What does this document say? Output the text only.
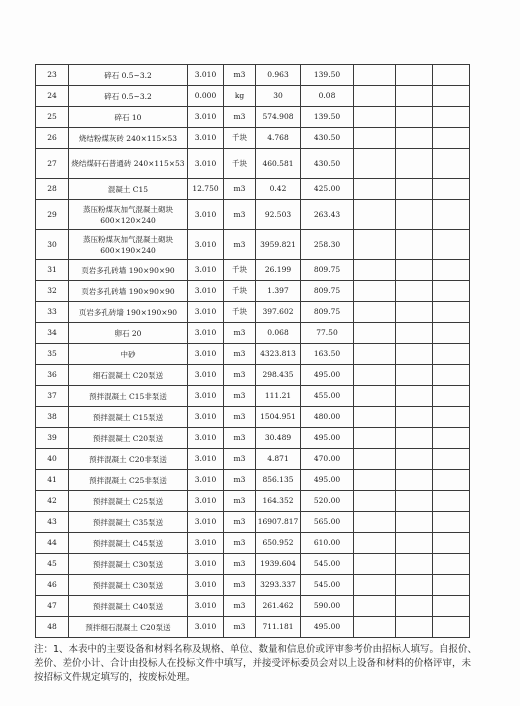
23	碎石 0.5~3.2	3.010	m3	0.963	139.50			
24	碎石 0.5~3.2	0.000	kg	30	0.08			
25	碎石 10	3.010	m3	574.908	139.50			
26	烧结粉煤灰砖 240×115×53	3.010	千块	4.768	430.50			
27	烧结煤矸石普通砖 240×115×53	3.010	千块	460.581	430.50			
28	混凝土 C15	12.750	m3	0.42	425.00			
29	蒸压粉煤灰加气混凝土砌块 600×120×240	3.010	m3	92.503	263.43			
30	蒸压粉煤灰加气混凝土砌块 600×190×240	3.010	m3	3959.821	258.30			
31	页岩多孔砖墙 190×90×90	3.010	千块	26.199	809.75			
32	页岩多孔砖墙 190×90×90	3.010	千块	1.397	809.75			
33	页岩多孔砖墙 190×190×90	3.010	千块	397.602	809.75			
34	卵石 20	3.010	m3	0.068	77.50			
35	中砂	3.010	m3	4323.813	163.50			
36	细石混凝土 C20泵送	3.010	m3	298.435	495.00			
37	预拌混凝土 C15非泵送	3.010	m3	111.21	455.00			
38	预拌混凝土 C15泵送	3.010	m3	1504.951	480.00			
39	预拌混凝土 C20泵送	3.010	m3	30.489	495.00			
40	预拌混凝土 C20非泵送	3.010	m3	4.871	470.00			
41	预拌混凝土 C25非泵送	3.010	m3	856.135	495.00			
42	预拌混凝土 C25泵送	3.010	m3	164.352	520.00			
43	预拌混凝土 C35泵送	3.010	m3	16907.817	565.00			
44	预拌混凝土 C45泵送	3.010	m3	650.952	610.00			
45	预拌混凝土 C30泵送	3.010	m3	1939.604	545.00			
46	预拌混凝土 C30泵送	3.010	m3	3293.337	545.00			
47	预拌混凝土 C40泵送	3.010	m3	261.462	590.00			
48	预拌细石混凝土 C20泵送	3.010	m3	711.181	495.00			
注：1、本表中的主要设备和材料名称及规格、单位、数量和信息价或评审参考价由招标人填写。自报价、差价、差价小计、合计由投标人在投标文件中填写，并接受评标委员会对以上设备和材料的价格评审，未按招标文件规定填写的，按废标处理。
